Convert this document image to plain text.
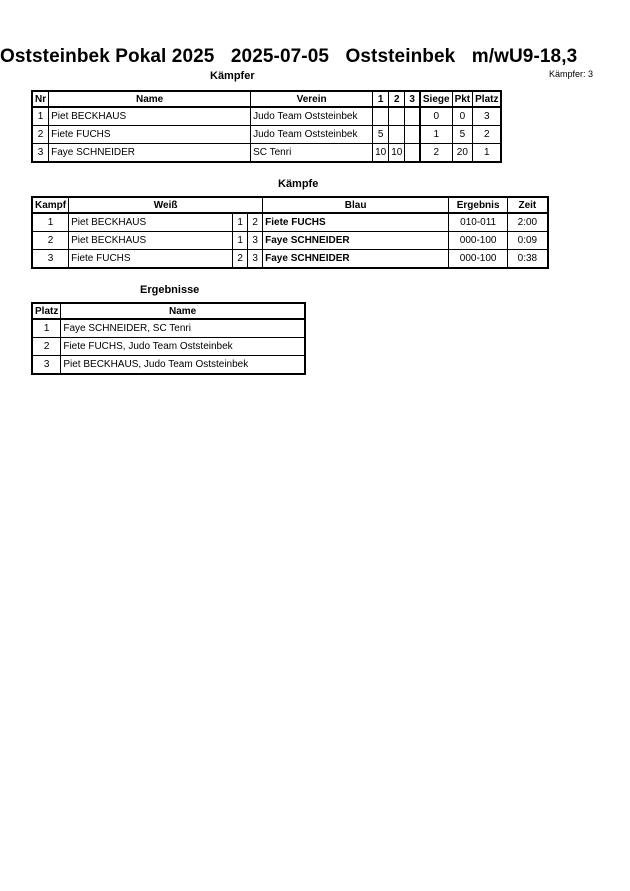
Oststeinbek Pokal 2025 2025-07-05 Oststeinbek m/wU9-18,3
Kämpfer: 3
Kämpfer
Nr	Name	Verein	1	2	3	Siege	Pkt	Platz
1	Piet BECKHAUS	Judo Team Oststeinbek				0	0	3
2	Fiete FUCHS	Judo Team Oststeinbek	5			1	5	2
3	Faye SCHNEIDER	SC Tenri	10	10		2	20	1
Kämpfe
Kampf	Weiß			Blau	Ergebnis	Zeit
1	Piet BECKHAUS	1	2	Fiete FUCHS	010-011	2:00
2	Piet BECKHAUS	1	3	Faye SCHNEIDER	000-100	0:09
3	Fiete FUCHS	2	3	Faye SCHNEIDER	000-100	0:38
Ergebnisse
Platz	Name
1	Faye SCHNEIDER, SC Tenri
2	Fiete FUCHS, Judo Team Oststeinbek
3	Piet BECKHAUS, Judo Team Oststeinbek
